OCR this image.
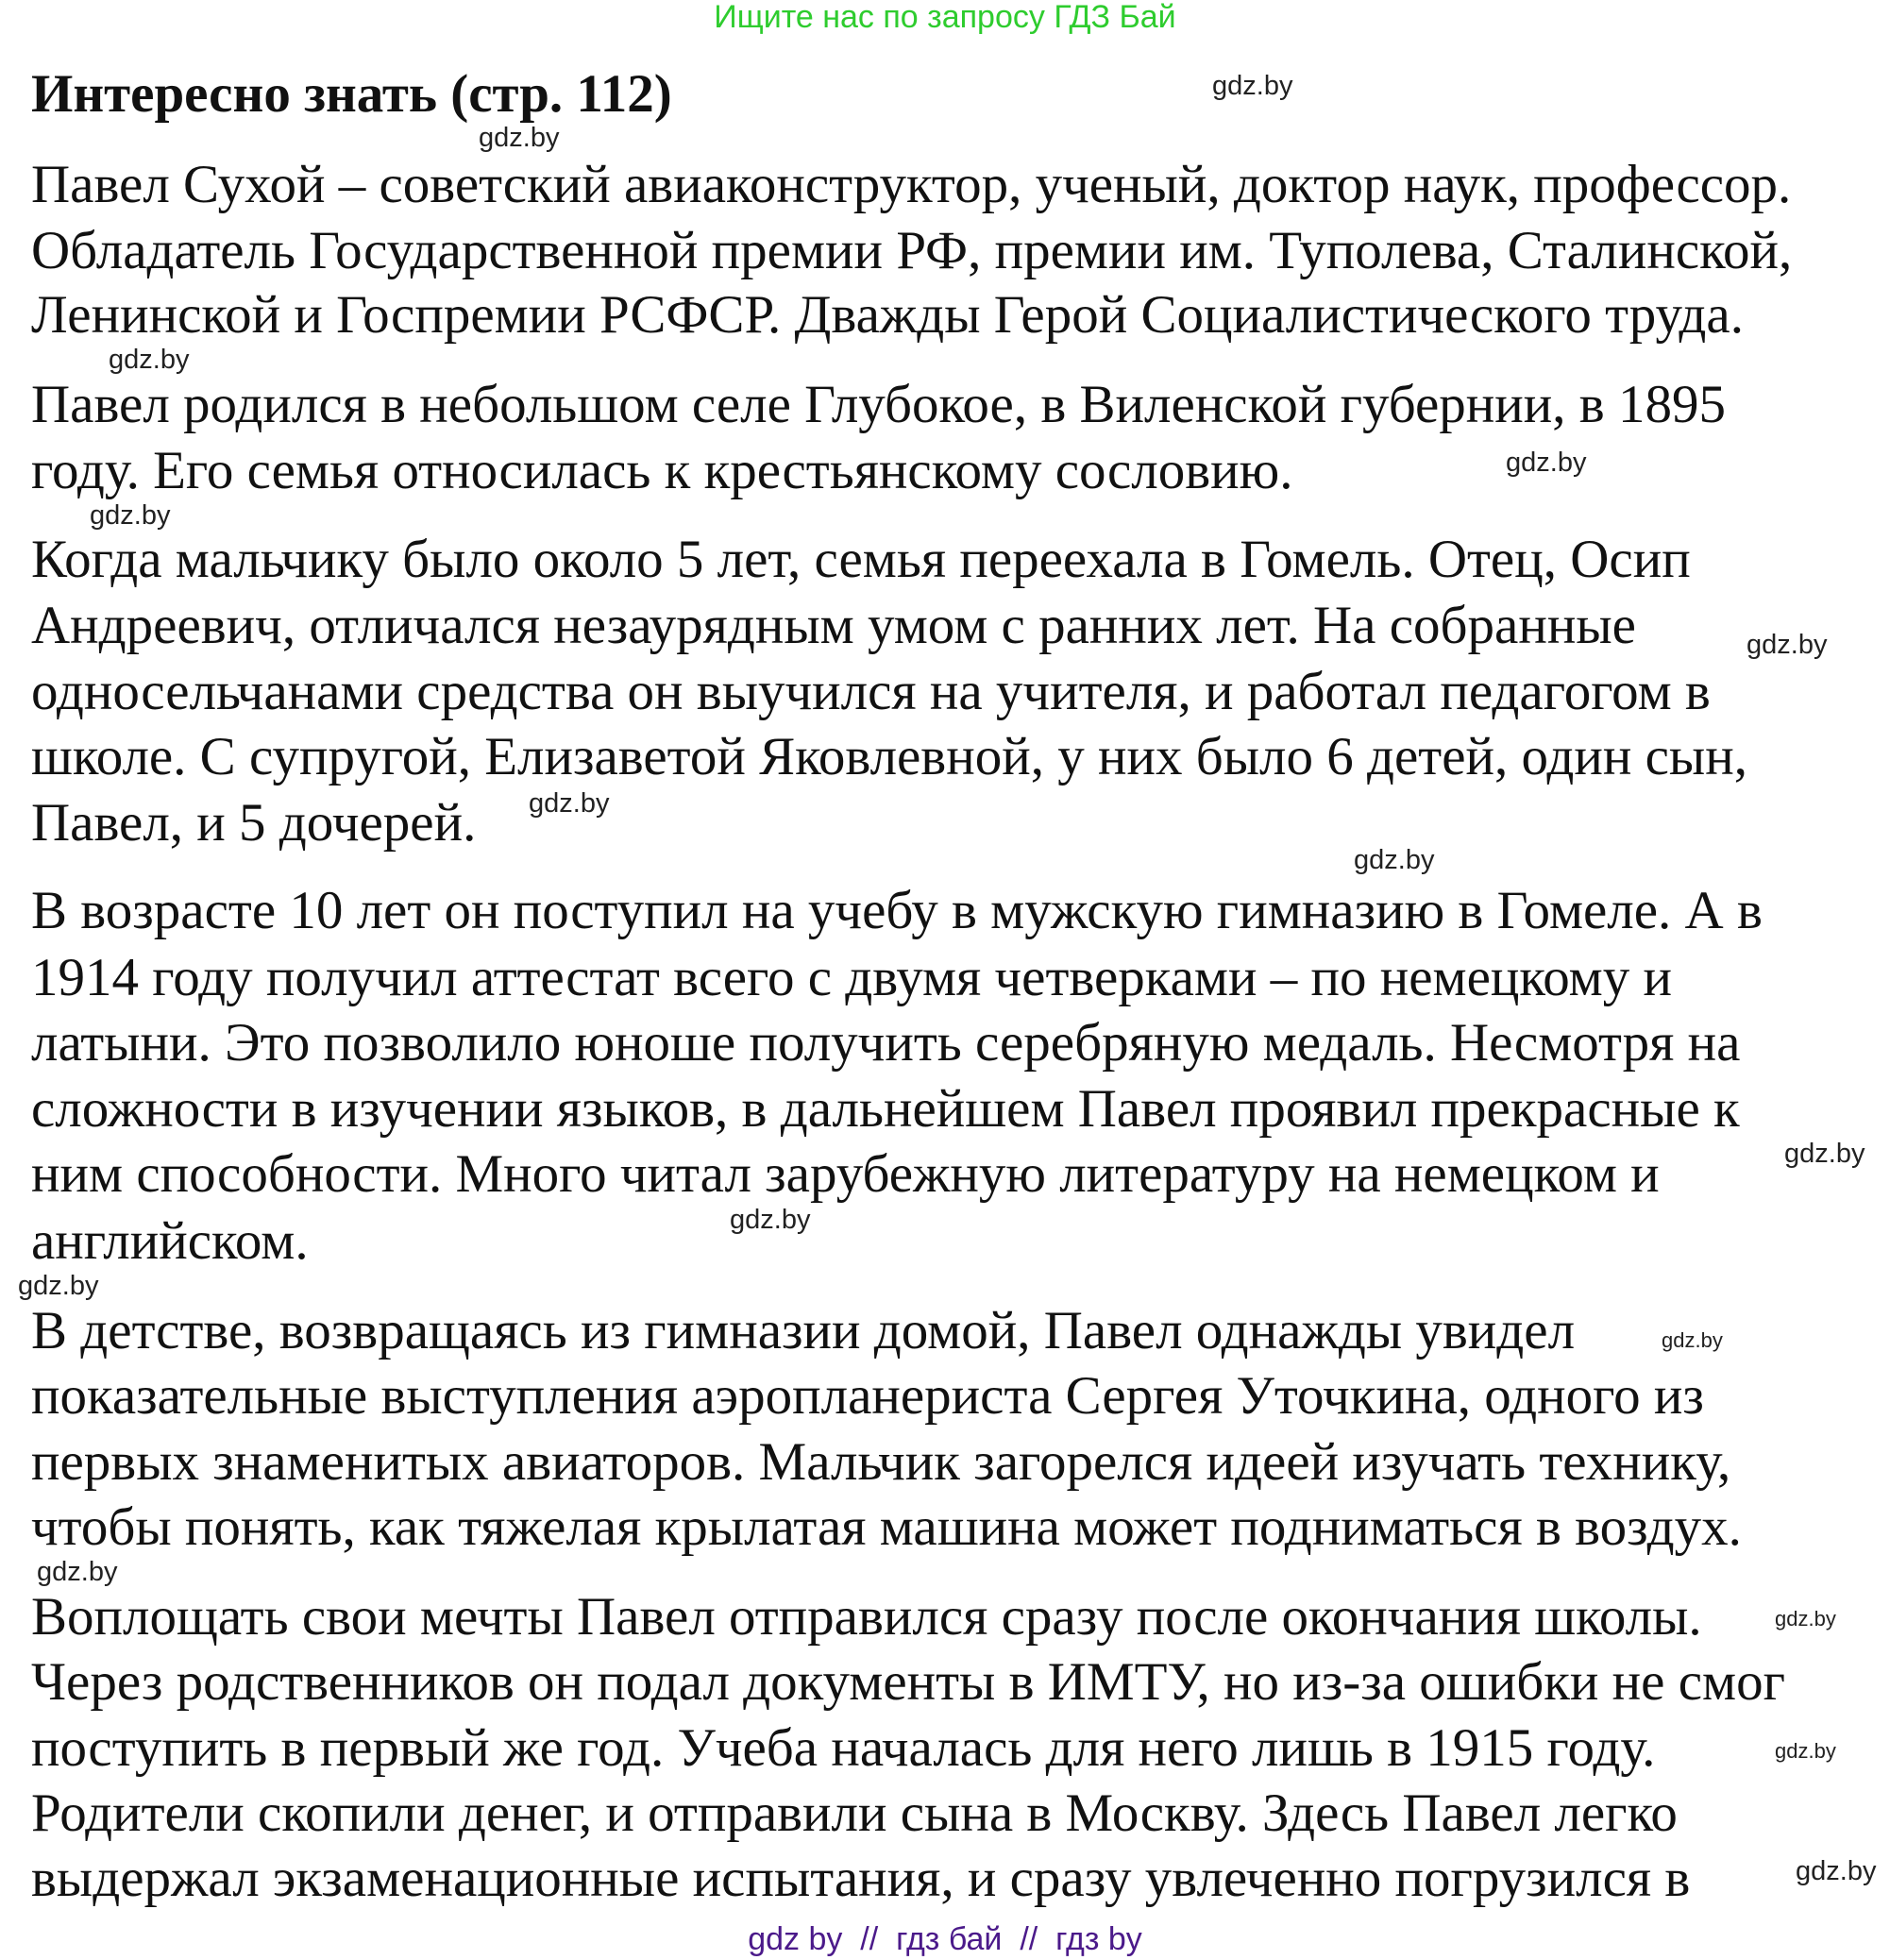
Ищите нас по запросу ГДЗ Бай
Интересно знать (стр. 112)
Павел Сухой – советский авиаконструктор, ученый, доктор наук, профессор.
Обладатель Государственной премии РФ, премии им. Туполева, Сталинской,
Ленинской и Госпремии РСФСР. Дважды Герой Социалистического труда.
Павел родился в небольшом селе Глубокое, в Виленской губернии, в 1895
году. Его семья относилась к крестьянскому сословию.
Когда мальчику было около 5 лет, семья переехала в Гомель. Отец, Осип
Андреевич, отличался незаурядным умом с ранних лет. На собранные
односельчанами средства он выучился на учителя, и работал педагогом в
школе. С супругой, Елизаветой Яковлевной, у них было 6 детей, один сын,
Павел, и 5 дочерей.
В возрасте 10 лет он поступил на учебу в мужскую гимназию в Гомеле. А в
1914 году получил аттестат всего с двумя четверками – по немецкому и
латыни. Это позволило юноше получить серебряную медаль. Несмотря на
сложности в изучении языков, в дальнейшем Павел проявил прекрасные к
ним способности. Много читал зарубежную литературу на немецком и
английском.
В детстве, возвращаясь из гимназии домой, Павел однажды увидел
показательные выступления аэропланериста Сергея Уточкина, одного из
первых знаменитых авиаторов. Мальчик загорелся идеей изучать технику,
чтобы понять, как тяжелая крылатая машина может подниматься в воздух.
Воплощать свои мечты Павел отправился сразу после окончания школы.
Через родственников он подал документы в ИМТУ, но из-за ошибки не смог
поступить в первый же год. Учеба началась для него лишь в 1915 году.
Родители скопили денег, и отправили сына в Москву. Здесь Павел легко
выдержал экзаменационные испытания, и сразу увлеченно погрузился в
gdz.by
gdz.by
gdz.by
gdz.by
gdz.by
gdz.by
gdz.by
gdz.by
gdz.by
gdz.by
gdz.by
gdz.by
gdz.by
gdz.by
gdz.by
gdz.by
gdz by  //  гдз бай  //  гдз by
